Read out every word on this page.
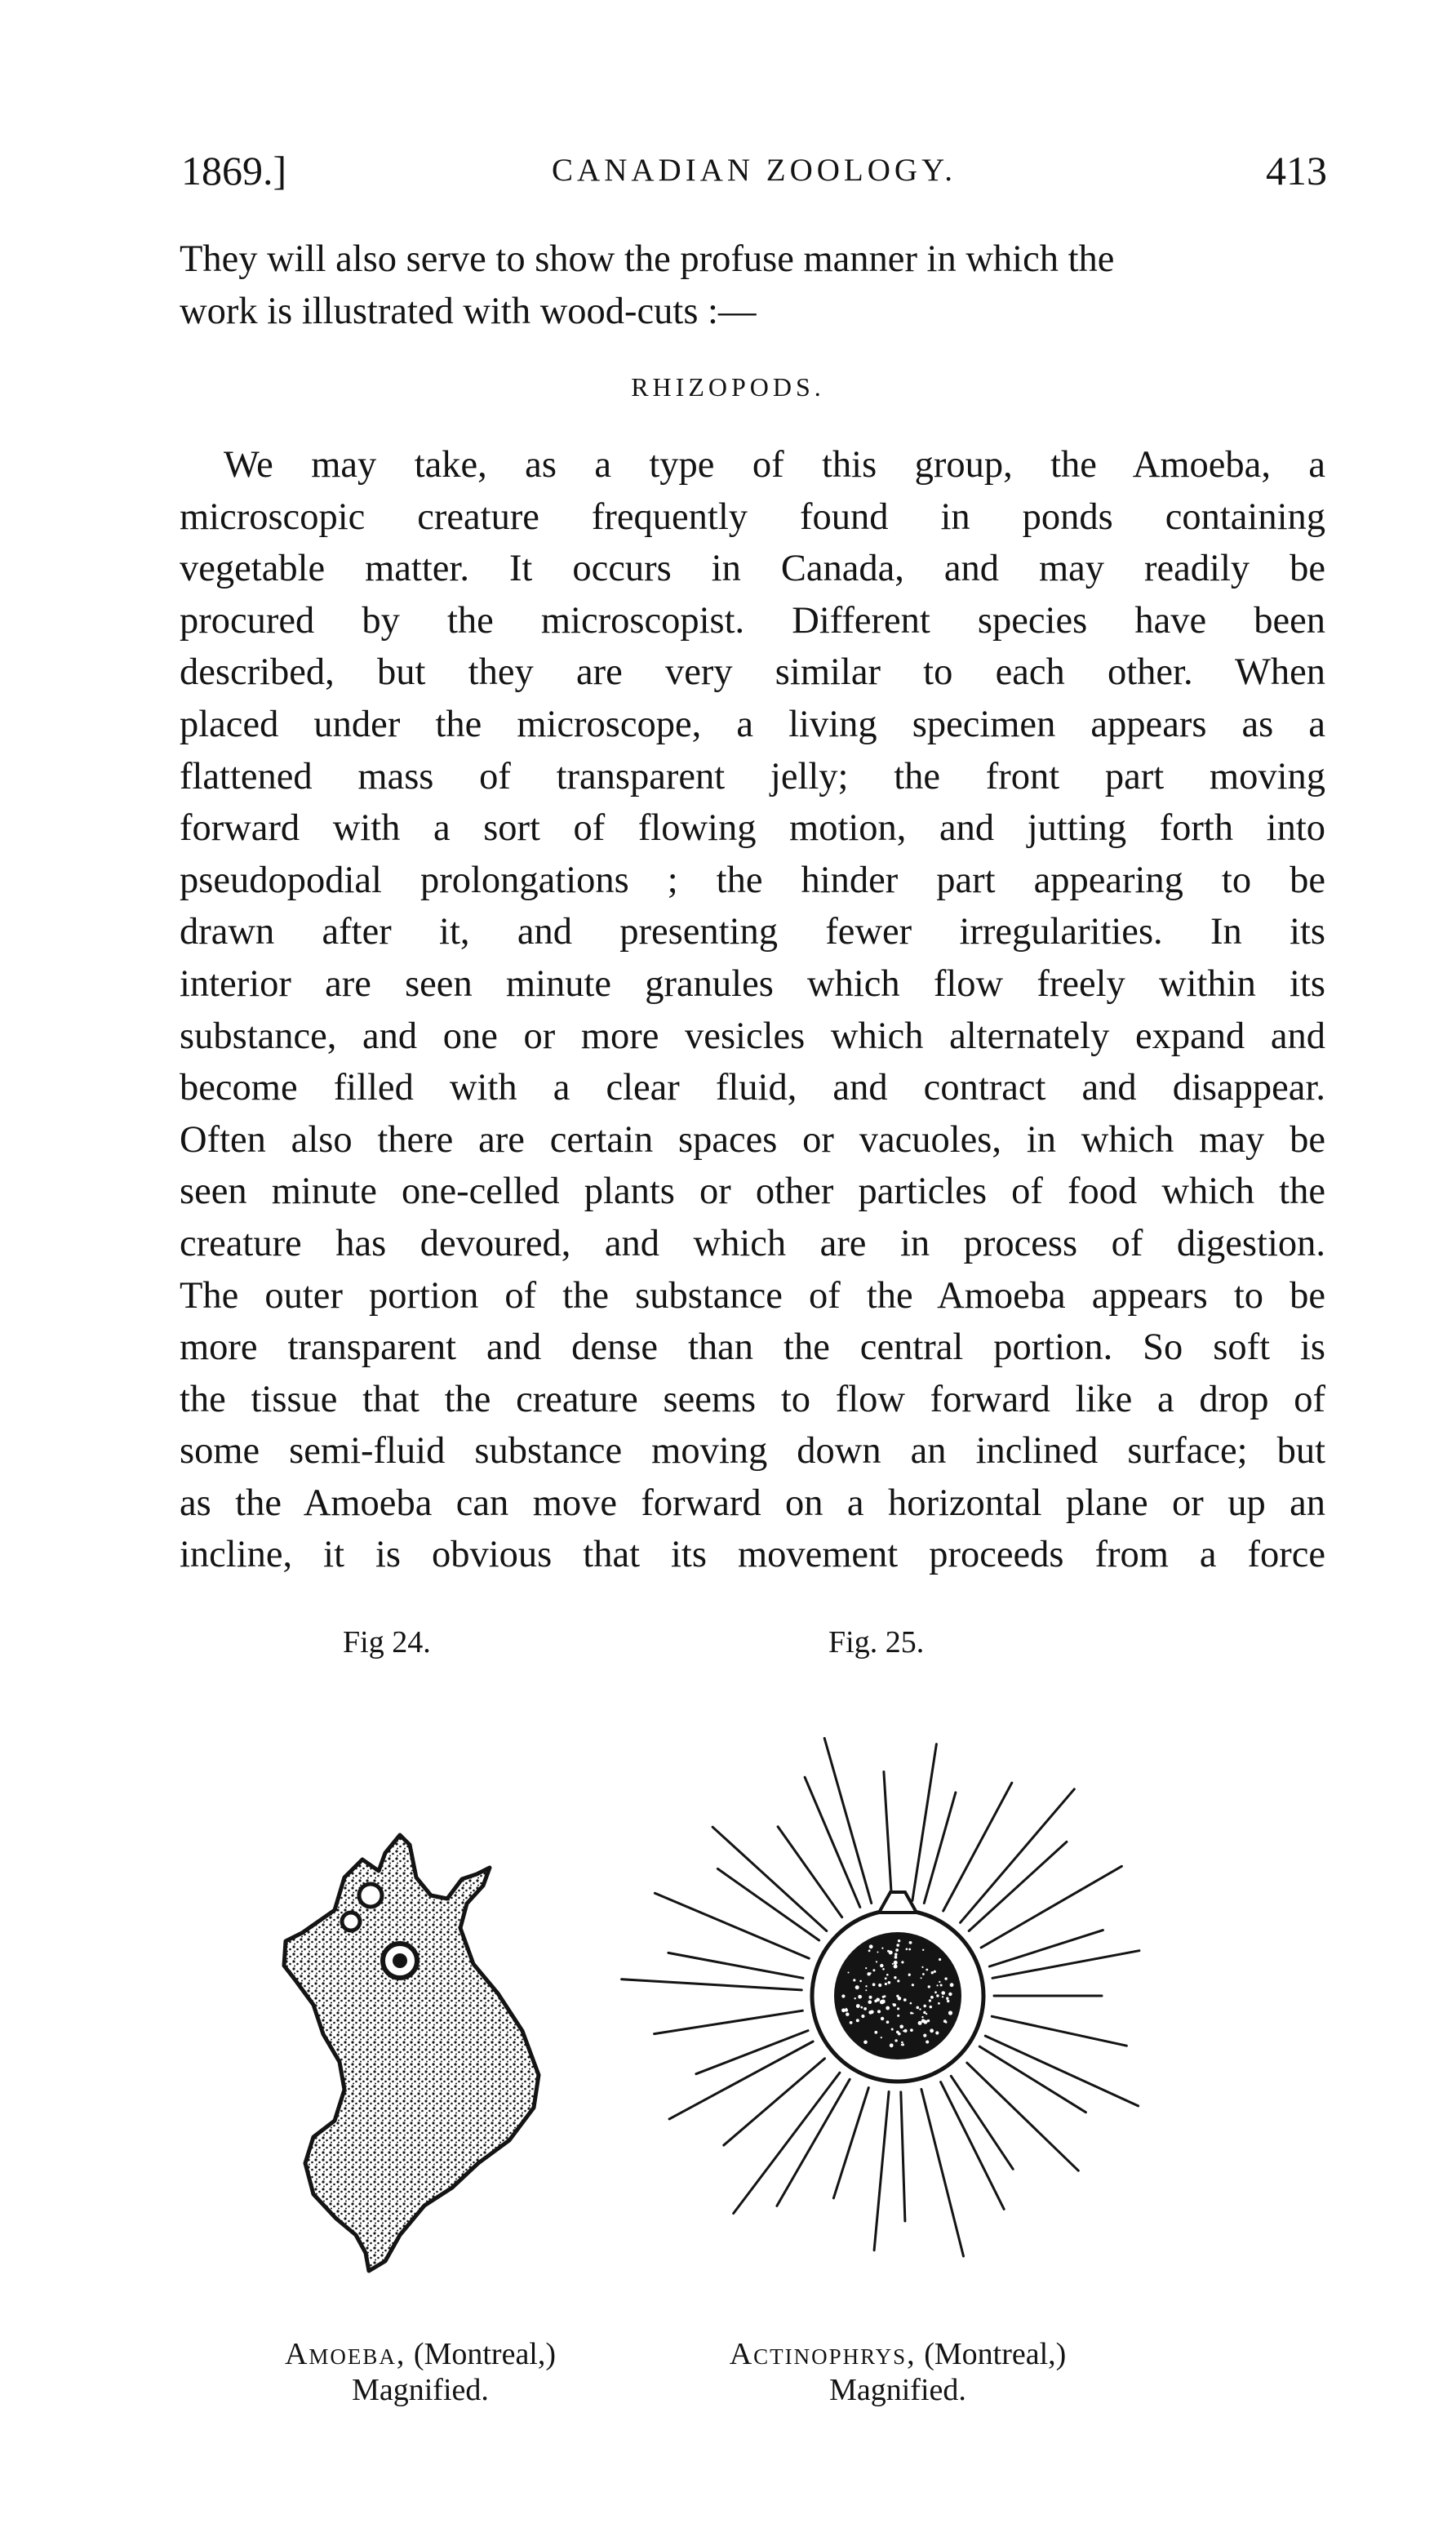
1869.]	CANADIAN ZOOLOGY.	413
They will also serve to show the profuse manner in which the
work is illustrated with wood-cuts :—
RHIZOPODS.
We may take, as a type of this group, the Amoeba, a
microscopic creature frequently found in ponds containing
vegetable matter. It occurs in Canada, and may readily be
procured by the microscopist. Different species have been
described, but they are very similar to each other. When
placed under the microscope, a living specimen appears as a
flattened mass of transparent jelly; the front part moving
forward with a sort of flowing motion, and jutting forth into
pseudopodial prolongations ; the hinder part appearing to be
drawn after it, and presenting fewer irregularities. In its
interior are seen minute granules which flow freely within its
substance, and one or more vesicles which alternately expand and
become filled with a clear fluid, and contract and disappear.
Often also there are certain spaces or vacuoles, in which may be
seen minute one-celled plants or other particles of food which the
creature has devoured, and which are in process of digestion.
The outer portion of the substance of the Amoeba appears to be
more transparent and dense than the central portion. So soft is
the tissue that the creature seems to flow forward like a drop of
some semi-fluid substance moving down an inclined surface; but
as the Amoeba can move forward on a horizontal plane or up an
incline, it is obvious that its movement proceeds from a force
Fig 24.	Fig. 25.
Amoeba, (Montreal,)
Magnified.
Actinophrys, (Montreal,)
Magnified.
